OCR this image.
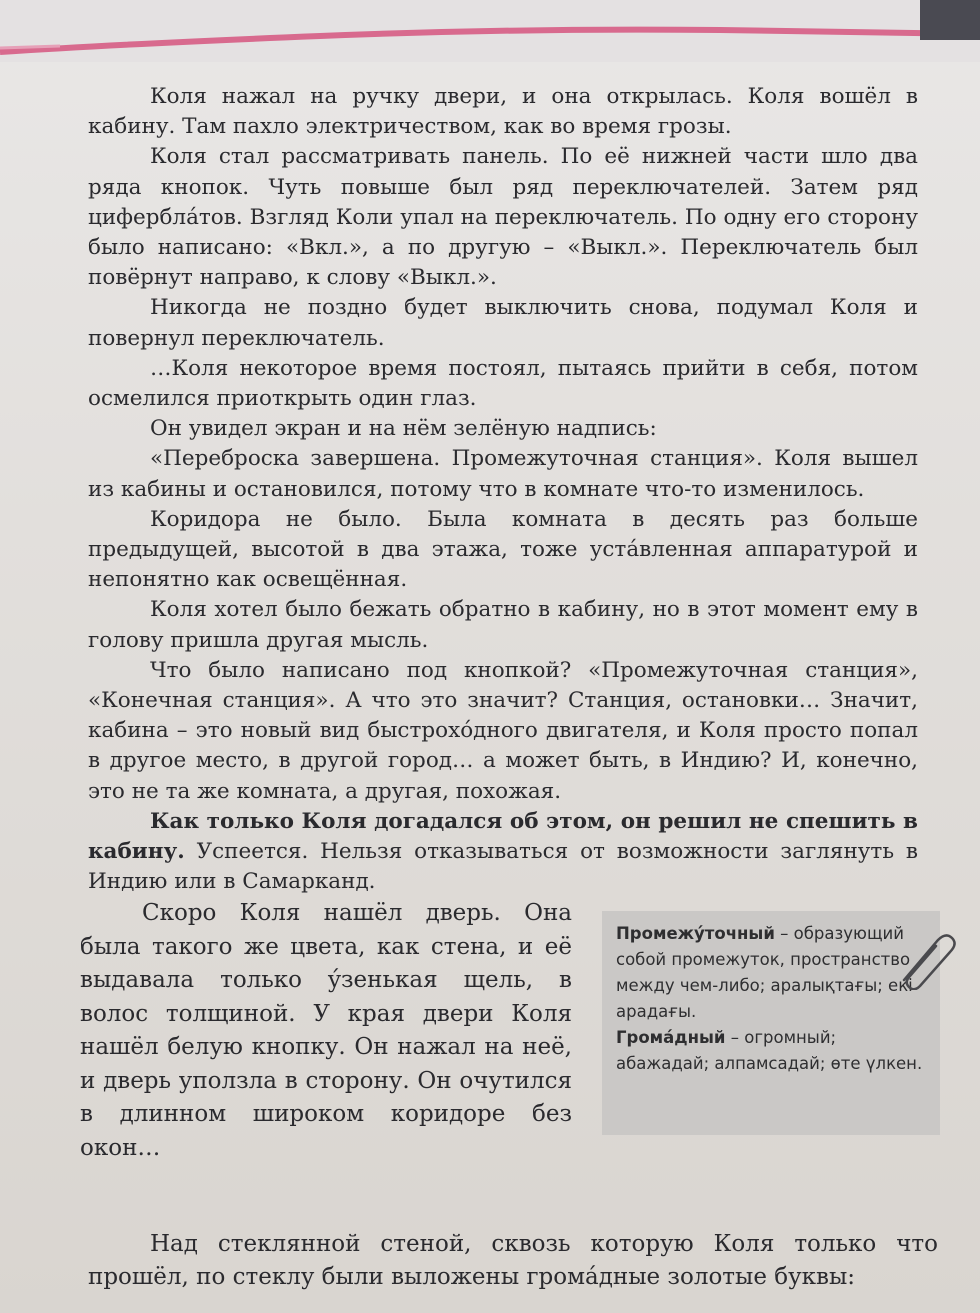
Коля нажал на ручку двери, и она открылась. Коля вошёл в кабину. Там пахло электричеством, как во время грозы.

Коля стал рассматривать панель. По её нижней части шло два ряда кнопок. Чуть повыше был ряд переключателей. Затем ряд циферблáтов. Взгляд Коли упал на переключатель. По одну его сторону было написано: «Вкл.», а по другую – «Выкл.». Переключатель был повёрнут направо, к слову «Выкл.».

Никогда не поздно будет выключить снова, подумал Коля и повернул переключатель.

…Коля некоторое время постоял, пытаясь прийти в себя, потом осмелился приоткрыть один глаз.

Он увидел экран и на нём зелёную надпись:

«Переброска завершена. Промежуточная станция». Коля вышел из кабины и остановился, потому что в комнате что-то изменилось.

Коридора не было. Была комната в десять раз больше предыдущей, высотой в два этажа, тоже устáвленная аппаратурой и непонятно как освещённая.

Коля хотел было бежать обратно в кабину, но в этот момент ему в голову пришла другая мысль.

Что было написано под кнопкой? «Промежуточная станция», «Конечная станция». А что это значит? Станция, остановки… Значит, кабина – это новый вид быстрохóдного двигателя, и Коля просто попал в другое место, в другой город… а может быть, в Индию? И, конечно, это не та же комната, а другая, похожая.

Как только Коля догадался об этом, он решил не спешить в кабину. Успеется. Нельзя отказываться от возможности заглянуть в Индию или в Самарканд.

Скоро Коля нашёл дверь. Она была такого же цвета, как стена, и её выдавала только ýзенькая щель, в волос толщиной. У края двери Коля нашёл белую кнопку. Он нажал на неё, и дверь уползла в сторону. Он очутился в длинном широком коридоре без окон…

Промежýточный – образующий собой промежуток, пространство между чем-либо; аралықтағы; екі арадағы.
Громáдный – огромный; абажадай; алпамсадай; өте үлкен.

Над стеклянной стеной, сквозь которую Коля только что прошёл, по стеклу были выложены громáдные золотые буквы:
